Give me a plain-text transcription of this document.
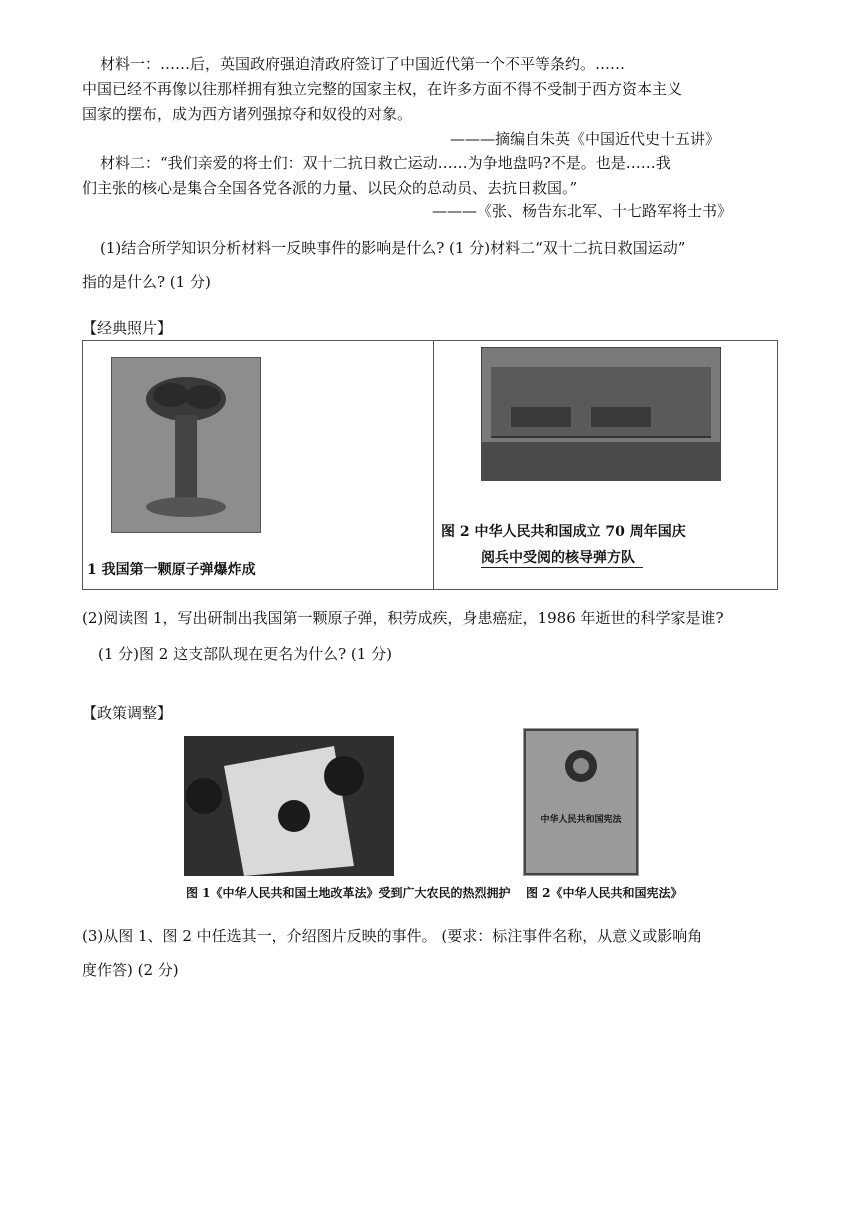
材料一：……后，英国政府强迫清政府签订了中国近代第一个不平等条约。……
中国已经不再像以往那样拥有独立完整的国家主权，在许多方面不得不受制于西方资本主义
国家的摆布，成为西方诸列强掠夺和奴役的对象。
———摘编自朱英《中国近代史十五讲》
材料二：“我们亲爱的将士们：双十二抗日救亡运动……为争地盘吗?不是。也是……我
们主张的核心是集合全国各党各派的力量、以民众的总动员、去抗日救国。”
———《张、杨告东北军、十七路军将士书》
(1)结合所学知识分析材料一反映事件的影响是什么? (1 分)材料二“双十二抗日救国运动”
指的是什么? (1 分)
【经典照片】
1 我国第一颗原子弹爆炸成
图 2 中华人民共和国成立 70 周年国庆
阅兵中受阅的核导弹方队
(2)阅读图 1，写出研制出我国第一颗原子弹，积劳成疾，身患癌症，1986 年逝世的科学家是谁?
(1 分)图 2 这支部队现在更名为什么? (1 分)
【政策调整】
中华人民共和国宪法
图 1《中华人民共和国土地改革法》受到广大农民的热烈拥护 图 2《中华人民共和国宪法》
(3)从图 1、图 2 中任选其一，介绍图片反映的事件。 (要求：标注事件名称，从意义或影响角
度作答) (2 分)
